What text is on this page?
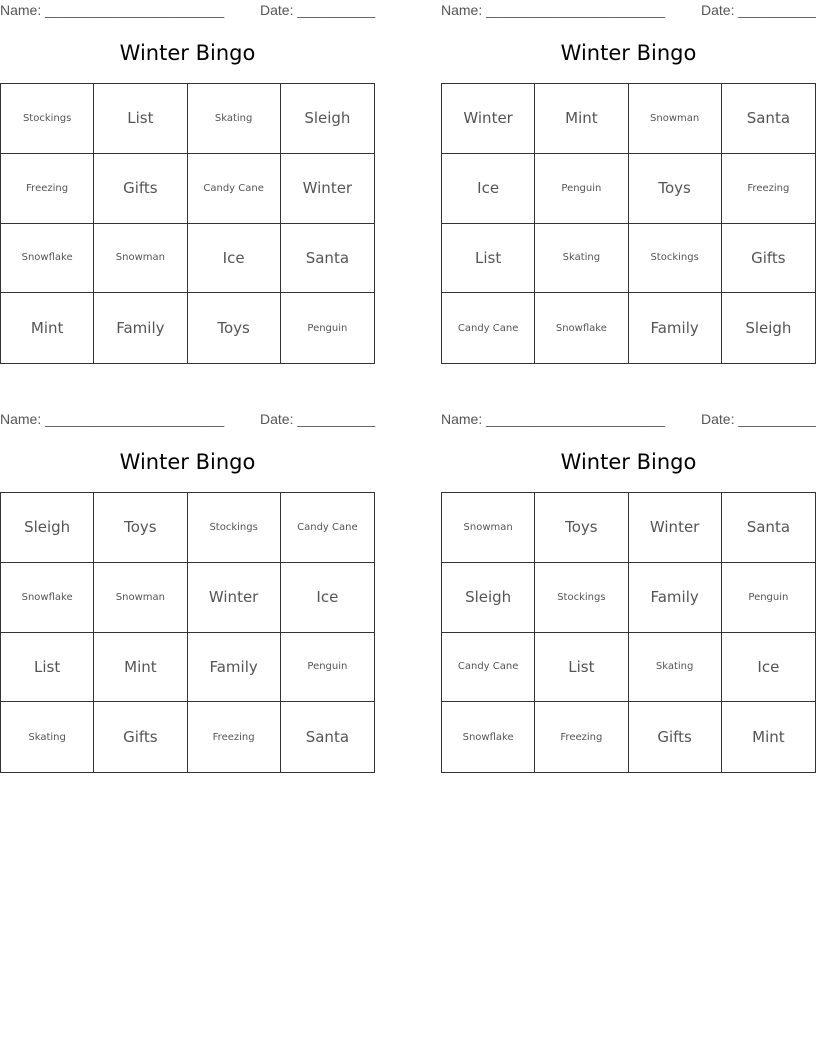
Name: _______________________	Date: __________
Winter Bingo
Stockings	List	Skating	Sleigh
Freezing	Gifts	Candy Cane	Winter
Snowflake	Snowman	Ice	Santa
Mint	Family	Toys	Penguin
Name: _______________________	Date: __________
Winter Bingo
Winter	Mint	Snowman	Santa
Ice	Penguin	Toys	Freezing
List	Skating	Stockings	Gifts
Candy Cane	Snowflake	Family	Sleigh
Name: _______________________	Date: __________
Winter Bingo
Sleigh	Toys	Stockings	Candy Cane
Snowflake	Snowman	Winter	Ice
List	Mint	Family	Penguin
Skating	Gifts	Freezing	Santa
Name: _______________________	Date: __________
Winter Bingo
Snowman	Toys	Winter	Santa
Sleigh	Stockings	Family	Penguin
Candy Cane	List	Skating	Ice
Snowflake	Freezing	Gifts	Mint
